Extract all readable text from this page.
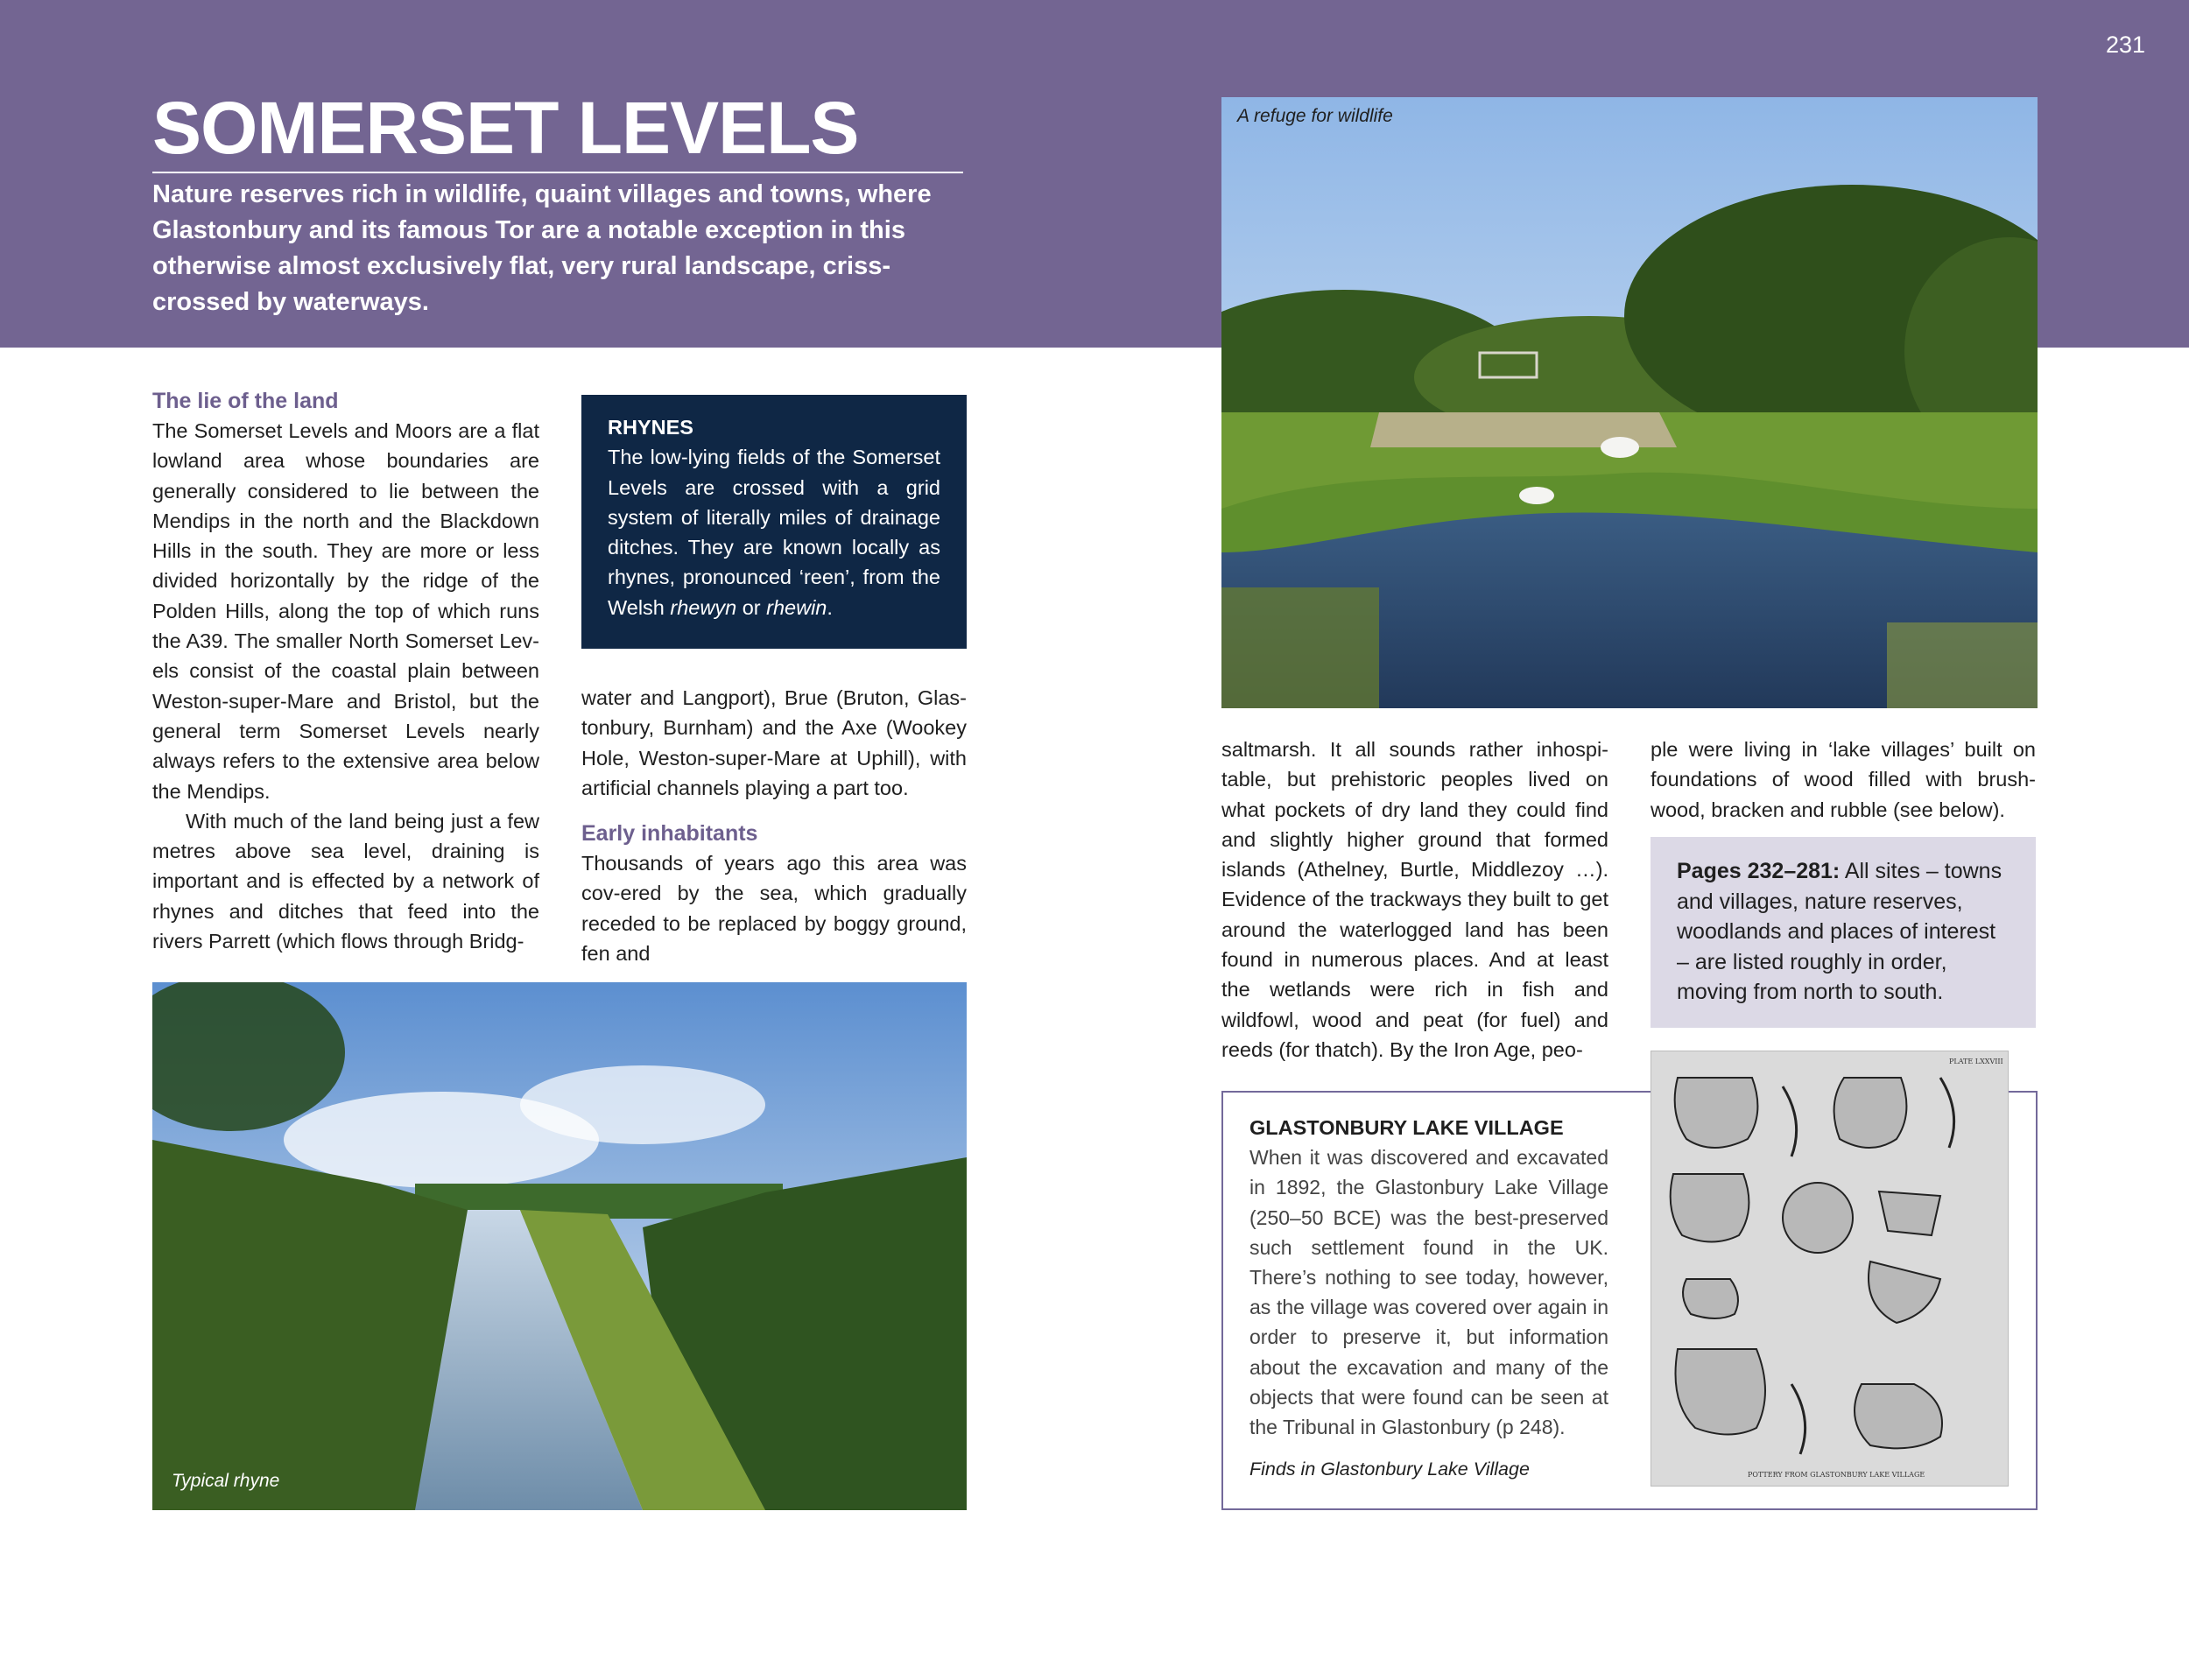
231
SOMERSET LEVELS

Nature reserves rich in wildlife, quaint villages and towns, where Glastonbury and its famous Tor are a notable exception in this otherwise almost exclusively flat, very rural landscape, criss-crossed by waterways.

The lie of the land

The Somerset Levels and Moors are a flat lowland area whose boundaries are generally considered to lie between the Mendips in the north and the Blackdown Hills in the south. They are more or less divided horizontally by the ridge of the Polden Hills, along the top of which runs the A39. The smaller North Somerset Lev-els consist of the coastal plain between Weston-super-Mare and Bristol, but the general term Somerset Levels nearly always refers to the extensive area below the Mendips.

With much of the land being just a few metres above sea level, draining is important and is effected by a network of rhynes and ditches that feed into the rivers Parrett (which flows through Bridg-

RHYNES

The low-lying fields of the Somerset Levels are crossed with a grid system of literally miles of drainage ditches. They are known locally as rhynes, pronounced ‘reen’, from the Welsh rhewyn or rhewin.

water and Langport), Brue (Bruton, Glas-tonbury, Burnham) and the Axe (Wookey Hole, Weston-super-Mare at Uphill), with artificial channels playing a part too.

Early inhabitants

Thousands of years ago this area was cov-ered by the sea, which gradually receded to be replaced by boggy ground, fen and

saltmarsh. It all sounds rather inhospi-table, but prehistoric peoples lived on what pockets of dry land they could find and slightly higher ground that formed islands (Athelney, Burtle, Middlezoy …). Evidence of the trackways they built to get around the waterlogged land has been found in numerous places. And at least the wetlands were rich in fish and wildfowl, wood and peat (for fuel) and reeds (for thatch). By the Iron Age, peo-

ple were living in ‘lake villages’ built on foundations of wood filled with brush-wood, bracken and rubble (see below).

Pages 232–281: All sites – towns and villages, nature reserves, woodlands and places of interest – are listed roughly in order, moving from north to south.
A refuge for wildlife
Typical rhyne

GLASTONBURY LAKE VILLAGE

When it was discovered and excavated in 1892, the Glastonbury Lake Village (250–50 BCE) was the best-preserved such settlement found in the UK. There’s nothing to see today, however, as the village was covered over again in order to preserve it, but information about the excavation and many of the objects that were found can be seen at the Tribunal in Glastonbury (p 248).

Finds in Glastonbury Lake Village
PLATE LXXVIII
POTTERY FROM GLASTONBURY LAKE VILLAGE
